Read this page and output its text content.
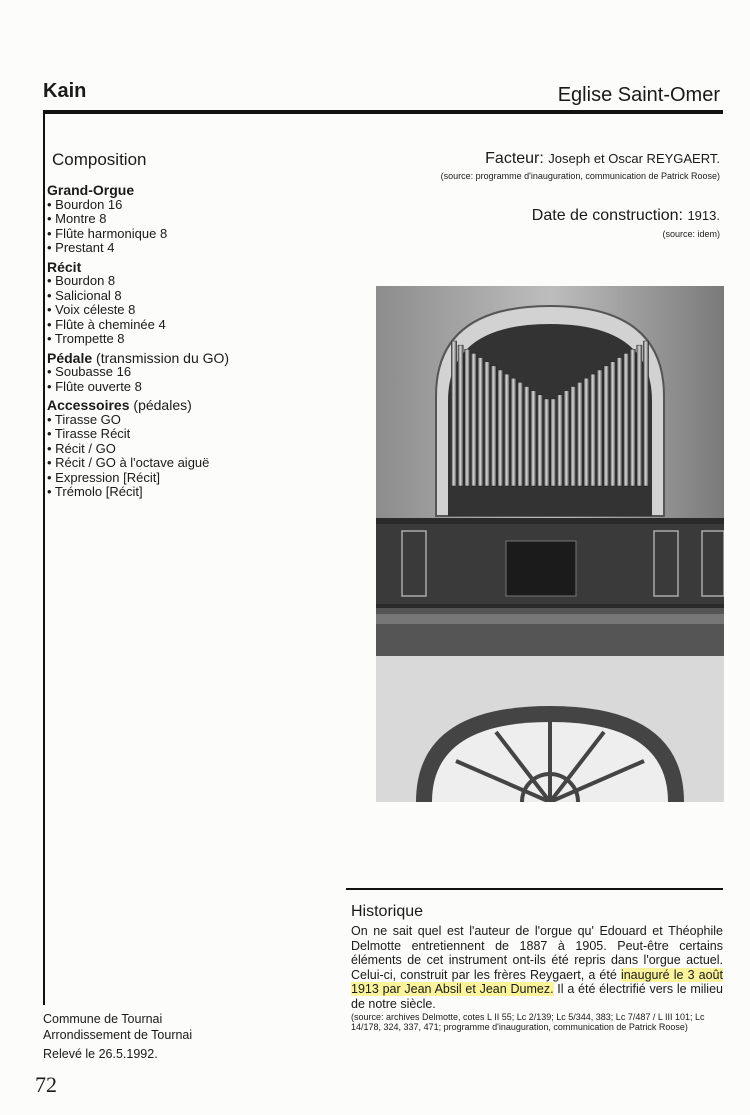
Kain	Eglise Saint-Omer
Composition
Grand-Orgue
• Bourdon 16
• Montre 8
• Flûte harmonique 8
• Prestant 4
Récit
• Bourdon 8
• Salicional 8
• Voix céleste 8
• Flûte à cheminée 4
• Trompette 8
Pédale (transmission du GO)
• Soubasse 16
• Flûte ouverte 8
Accessoires (pédales)
• Tirasse GO
• Tirasse Récit
• Récit / GO
• Récit / GO à l'octave aiguë
• Expression [Récit]
• Trémolo [Récit]
Facteur: Joseph et Oscar REYGAERT.
(source: programme d'inauguration, communication de Patrick Roose)
Date de construction: 1913.
(source: idem)
Historique
On ne sait quel est l'auteur de l'orgue qu' Edouard et Théophile Delmotte entretiennent de 1887 à 1905. Peut-être certains éléments de cet instrument ont-ils été repris dans l'orgue actuel. Celui-ci, construit par les frères Reygaert, a été inauguré le 3 août 1913 par Jean Absil et Jean Dumez. Il a été électrifié vers le milieu de notre siècle.
(source: archives Delmotte, cotes L II 55; Lc 2/139; Lc 5/344, 383; Lc 7/487 / L III 101; Lc 14/178, 324, 337, 471; programme d'inauguration, communication de Patrick Roose)
Commune de Tournai
Arrondissement de Tournai
Relevé le 26.5.1992.
72
